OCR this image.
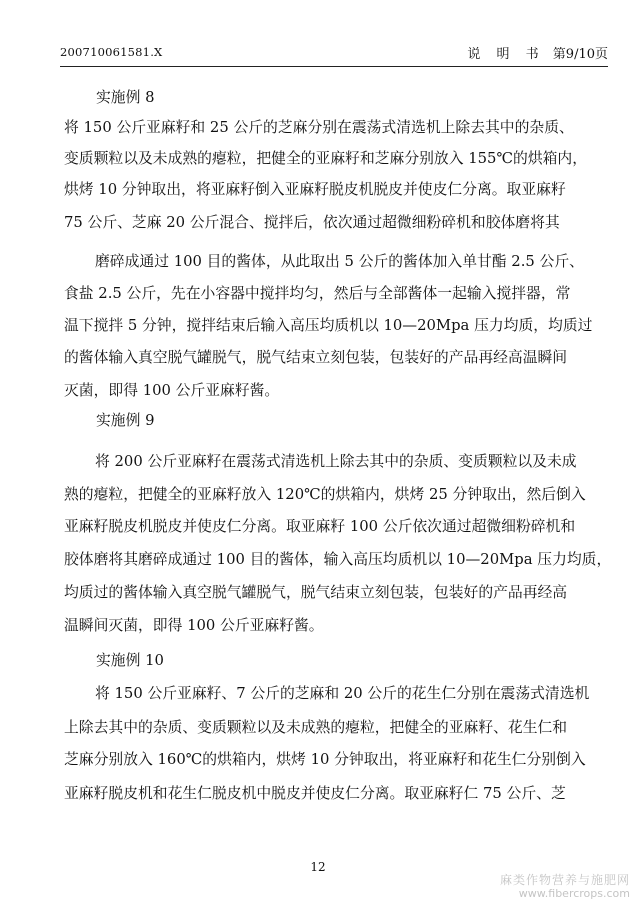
200710061581.X	说 明 书 第9/10页
实施例 8
将 150 公斤亚麻籽和 25 公斤的芝麻分别在震荡式清选机上除去其中的杂质、
变质颗粒以及未成熟的瘪粒，把健全的亚麻籽和芝麻分别放入 155℃的烘箱内，
烘烤 10 分钟取出，将亚麻籽倒入亚麻籽脱皮机脱皮并使皮仁分离。取亚麻籽
75 公斤、芝麻 20 公斤混合、搅拌后，依次通过超微细粉碎机和胶体磨将其
磨碎成通过 100 目的酱体，从此取出 5 公斤的酱体加入单甘酯 2.5 公斤、
食盐 2.5 公斤，先在小容器中搅拌均匀，然后与全部酱体一起输入搅拌器，常
温下搅拌 5 分钟，搅拌结束后输入高压均质机以 10—20Mpa 压力均质，均质过
的酱体输入真空脱气罐脱气，脱气结束立刻包装，包装好的产品再经高温瞬间
灭菌，即得 100 公斤亚麻籽酱。
实施例 9
将 200 公斤亚麻籽在震荡式清选机上除去其中的杂质、变质颗粒以及未成
熟的瘪粒，把健全的亚麻籽放入 120℃的烘箱内，烘烤 25 分钟取出，然后倒入
亚麻籽脱皮机脱皮并使皮仁分离。取亚麻籽 100 公斤依次通过超微细粉碎机和
胶体磨将其磨碎成通过 100 目的酱体，输入高压均质机以 10—20Mpa 压力均质，
均质过的酱体输入真空脱气罐脱气，脱气结束立刻包装，包装好的产品再经高
温瞬间灭菌，即得 100 公斤亚麻籽酱。
实施例 10
将 150 公斤亚麻籽、7 公斤的芝麻和 20 公斤的花生仁分别在震荡式清选机
上除去其中的杂质、变质颗粒以及未成熟的瘪粒，把健全的亚麻籽、花生仁和
芝麻分别放入 160℃的烘箱内，烘烤 10 分钟取出，将亚麻籽和花生仁分别倒入
亚麻籽脱皮机和花生仁脱皮机中脱皮并使皮仁分离。取亚麻籽仁 75 公斤、芝
12
麻类作物营养与施肥网
www.fibercrops.com
